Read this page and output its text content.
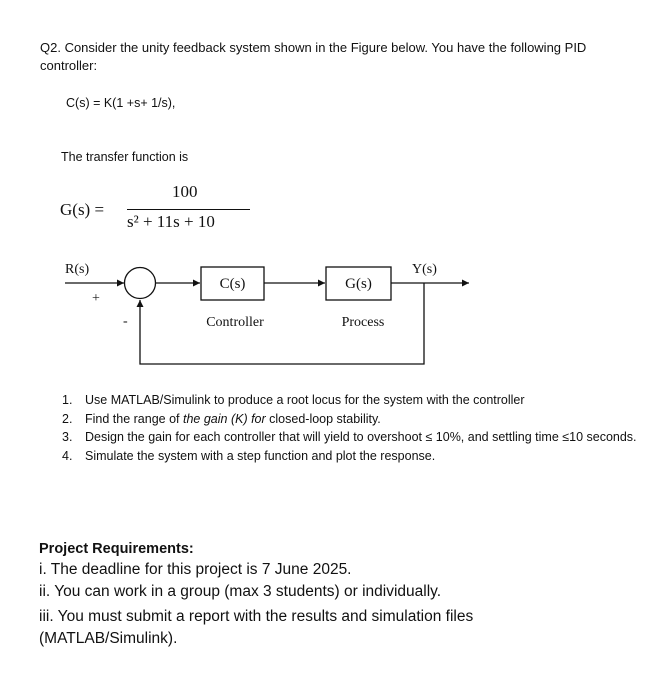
Q2. Consider the unity feedback system shown in the Figure below. You have the following PID controller:
C(s) = K(1 +s+ 1/s),
The transfer function is
G(s) =
100
s² + 11s + 10
R(s)
+
-
C(s)
Controller
G(s)
Process
Y(s)
1. Use MATLAB/Simulink to produce a root locus for the system with the controller
2. Find the range of the gain (K) for closed-loop stability.
3. Design the gain for each controller that will yield to overshoot ≤ 10%, and settling time ≤10 seconds.
4. Simulate the system with a step function and plot the response.
Project Requirements:
i. The deadline for this project is 7 June 2025.
ii. You can work in a group (max 3 students) or individually.
iii. You must submit a report with the results and simulation files (MATLAB/Simulink).
